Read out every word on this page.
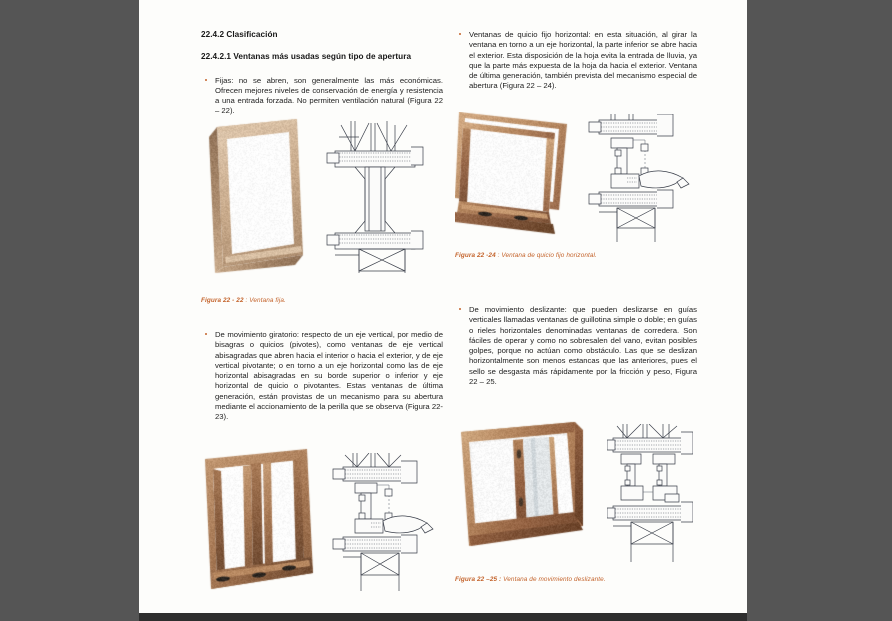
22.4.2 Clasificación
22.4.2.1 Ventanas más usadas según tipo de apertura

Fijas: no se abren, son generalmente las más económicas. Ofrecen mejores niveles de conservación de energía y resistencia a una entrada forzada. No permiten ventilación natural (Figura 22 – 22).

Figura 22 - 22 : Ventana fija.

De movimiento giratorio: respecto de un eje vertical, por medio de bisagras o quicios (pivotes), como ventanas de eje vertical abisagradas que abren hacia el interior o hacia el exterior, y de eje vertical pivotante; o en torno a un eje horizontal como las de eje horizontal abisagradas en su borde superior o inferior y eje horizontal de quicio o pivotantes. Estas ventanas de última generación, están provistas de un mecanismo para su abertura mediante el accionamiento de la perilla que se observa (Figura 22- 23).

Ventanas de quicio fijo horizontal: en esta situación, al girar la ventana en torno a un eje horizontal, la parte inferior se abre hacia el exterior. Esta disposición de la hoja evita la entrada de lluvia, ya que la parte más expuesta de la hoja da hacia el exterior. Ventana de última generación, también prevista del mecanismo especial de abertura (Figura 22 – 24).

Figura 22 -24 : Ventana de quicio fijo horizontal.

De movimiento deslizante: que pueden deslizarse en guías verticales llamadas ventanas de guillotina simple o doble; en guías o rieles horizontales denominadas ventanas de corredera. Son fáciles de operar y como no sobresalen del vano, evitan posibles golpes, porque no actúan como obstáculo. Las que se deslizan horizontalmente son menos estancas que las anteriores, pues el sello se desgasta más rápidamente por la fricción y peso, Figura 22 – 25.

Figura 22 –25 : Ventana de movimiento deslizante.
